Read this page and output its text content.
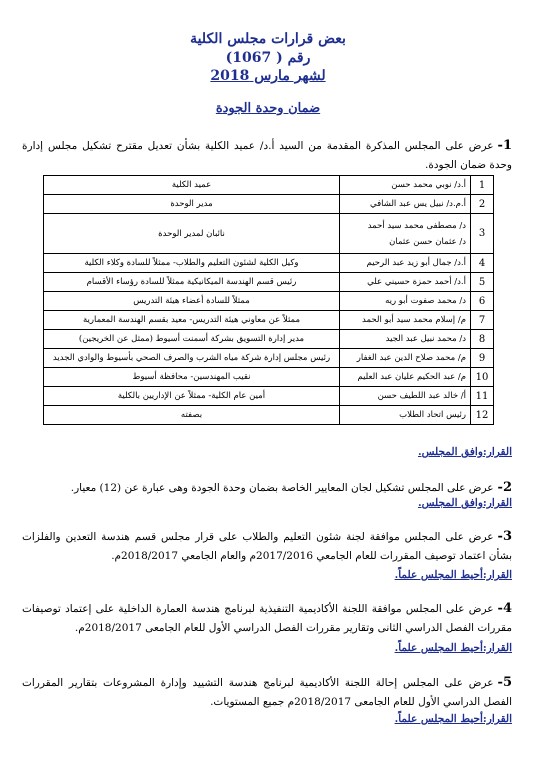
بعض قرارات مجلس الكلية
رقم ( 1067)
لشهر مارس 2018
ضمان وحدة الجودة
1-عرض على المجلس المذكرة المقدمة من السيد أ.د/ عميد الكلية بشأن تعديل مقترح تشكيل مجلس إدارة وحدة ضمان الجودة.
1	أ.د/ نوبي محمد حسن	عميد الكلية
2	أ.م.د/ نبيل يس عبد الشافي	مدير الوحدة
3	د/ مصطفى محمد سيد أحمد
د/ عثمان حسن عثمان	نائبان لمدير الوحدة
4	أ.د/ جمال أبو زيد عبد الرحيم	وكيل الكلية لشئون التعليم والطلاب- ممثلاً للسادة وكلاء الكلية
5	أ.د/ أحمد حمزة حسيني علي	رئيس قسم الهندسة الميكانيكية ممثلاً للسادة رؤساء الأقسام
6	د/ محمد صفوت أبو ريه	ممثلاً للسادة أعضاء هيئة التدريس
7	م/ إسلام محمد سيد أبو الحمد	ممثلاً عن معاوني هيئة التدريس- معيد بقسم الهندسة المعمارية
8	د/ محمد نبيل عبد الجيد	مدير إدارة التسويق بشركة أسمنت أسيوط (ممثل عن الخريجين)
9	م/ محمد صلاح الدين عبد الغفار	رئيس مجلس إدارة شركة مياه الشرب والصرف الصحي بأسيوط والوادي الجديد
10	م/ عبد الحكيم عليان عبد العليم	نقيب المهندسين- محافظة أسيوط
11	أ/ خالد عبد اللطيف حسن	أمين عام الكلية- ممثلاً عن الإداريين بالكلية
12	رئيس اتحاد الطلاب	بصفته
القرار:وافق المجلس.
2-عرض على المجلس تشكيل لجان المعايير الخاصة بضمان وحدة الجودة وهى عبارة عن (12) معيار.
القرار:وافق المجلس.
3-عرض على المجلس موافقة لجنة شئون التعليم والطلاب على قرار مجلس قسم هندسة التعدين والفلزات بشأن اعتماد توصيف المقررات للعام الجامعي 2017/2016م والعام الجامعي 2018/2017م.
القرار:أحيط المجلس علماً.
4-عرض على المجلس موافقة اللجنة الأكاديمية التنفيذية لبرنامج هندسة العمارة الداخلية على إعتماد توصيفات مقررات الفصل الدراسي الثانى وتقارير مقررات الفصل الدراسي الأول للعام الجامعى 2018/2017م.
القرار:أحيط المجلس علماً.
5-عرض على المجلس إحالة اللجنة الأكاديمية لبرنامج هندسة التشييد وإدارة المشروعات بتقارير المقررات الفصل الدراسي الأول للعام الجامعى 2018/2017م جميع المستويات.
القرار:أحيط المجلس علماً.
